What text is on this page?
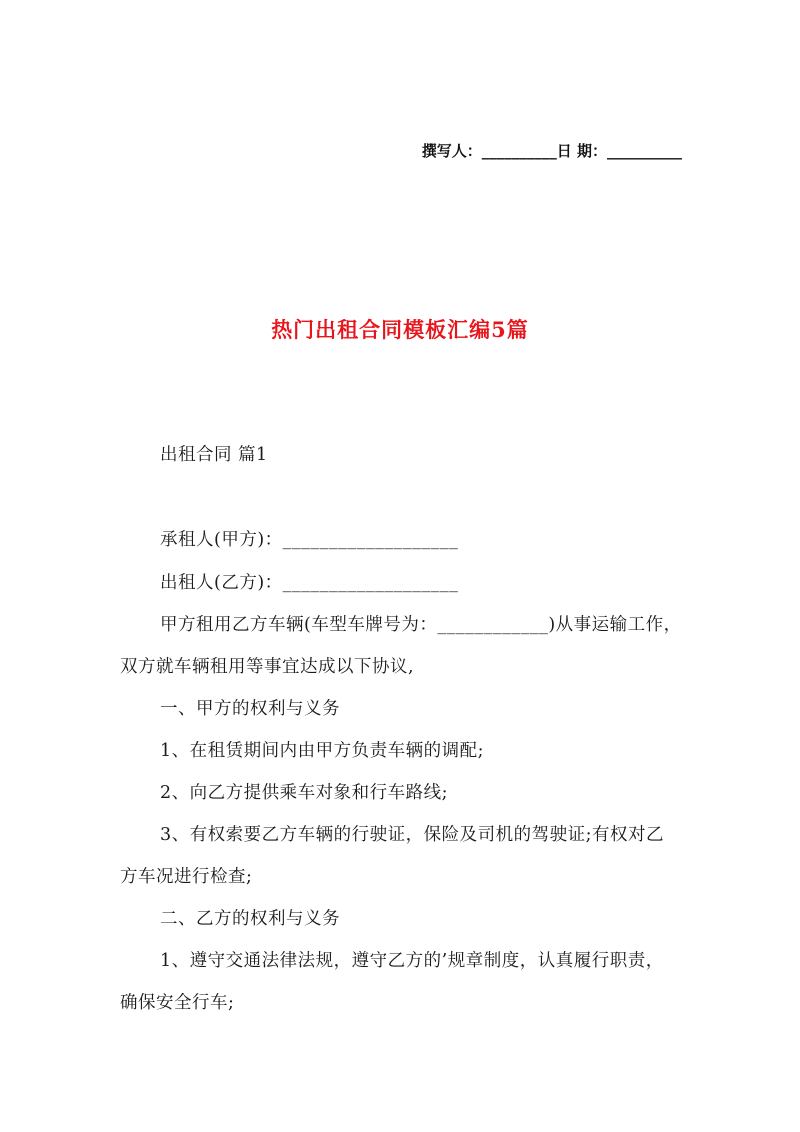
撰写人：__________日 期：__________
热门出租合同模板汇编5篇
出租合同 篇1
承租人(甲方)：___________________
出租人(乙方)：___________________
甲方租用乙方车辆(车型车牌号为：____________)从事运输工作，
双方就车辆租用等事宜达成以下协议,
一、甲方的权利与义务
1、在租赁期间内由甲方负责车辆的调配;
2、向乙方提供乘车对象和行车路线;
3、有权索要乙方车辆的行驶证，保险及司机的驾驶证;有权对乙
方车况进行检查;
二、乙方的权利与义务
1、遵守交通法律法规，遵守乙方的’规章制度，认真履行职责，
确保安全行车;
